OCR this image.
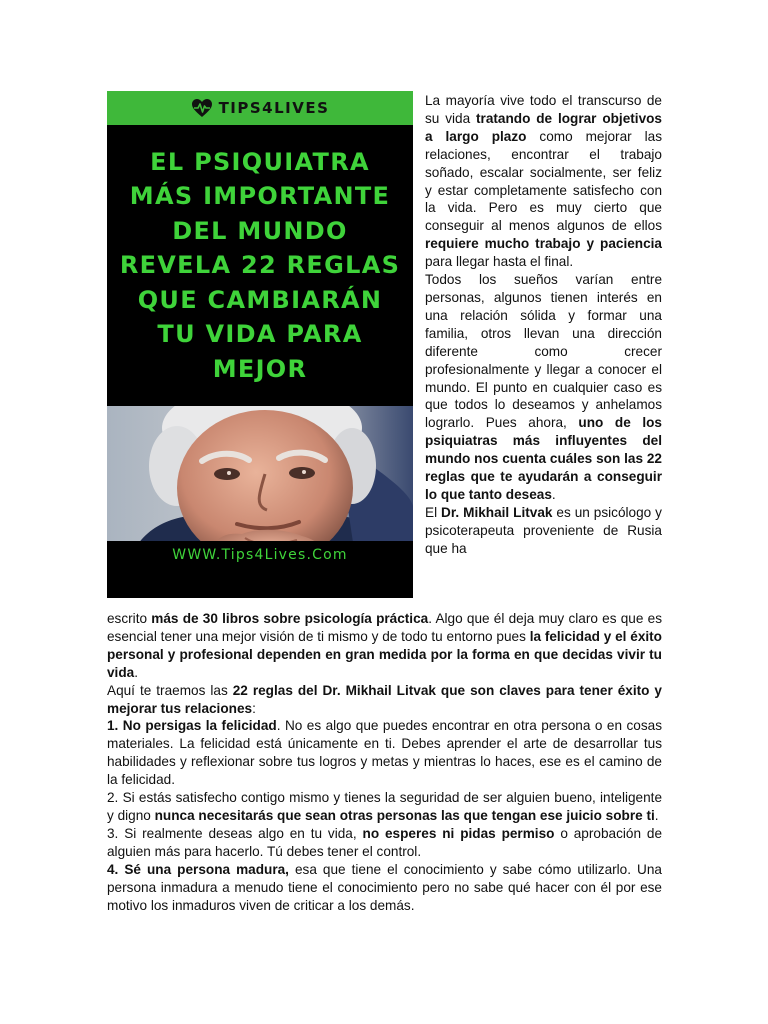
TIPS4LIVES
EL PSIQUIATRA
MÁS IMPORTANTE
DEL MUNDO
REVELA 22 REGLAS
QUE CAMBIARÁN
TU VIDA PARA
MEJOR
WWW.Tips4Lives.Com

La mayoría vive todo el transcurso de su vida tratando de lograr objetivos a largo plazo como mejorar las relaciones, encontrar el trabajo soñado, escalar socialmente, ser feliz y estar completamente satisfecho con la vida. Pero es muy cierto que conseguir al menos algunos de ellos requiere mucho trabajo y paciencia para llegar hasta el final.

Todos los sueños varían entre personas, algunos tienen interés en una relación sólida y formar una familia, otros llevan una dirección diferente como crecer profesionalmente y llegar a conocer el mundo. El punto en cualquier caso es que todos lo deseamos y anhelamos lograrlo. Pues ahora, uno de los psiquiatras más influyentes del mundo nos cuenta cuáles son las 22 reglas que te ayudarán a conseguir lo que tanto deseas.

El Dr. Mikhail Litvak es un psicólogo y psicoterapeuta proveniente de Rusia que ha

escrito más de 30 libros sobre psicología práctica. Algo que él deja muy claro es que es esencial tener una mejor visión de ti mismo y de todo tu entorno pues la felicidad y el éxito personal y profesional dependen en gran medida por la forma en que decidas vivir tu vida.

Aquí te traemos las 22 reglas del Dr. Mikhail Litvak que son claves para tener éxito y mejorar tus relaciones:

1. No persigas la felicidad. No es algo que puedes encontrar en otra persona o en cosas materiales. La felicidad está únicamente en ti. Debes aprender el arte de desarrollar tus habilidades y reflexionar sobre tus logros y metas y mientras lo haces, ese es el camino de la felicidad.

2. Si estás satisfecho contigo mismo y tienes la seguridad de ser alguien bueno, inteligente y digno nunca necesitarás que sean otras personas las que tengan ese juicio sobre ti.

3. Si realmente deseas algo en tu vida, no esperes ni pidas permiso o aprobación de alguien más para hacerlo. Tú debes tener el control.

4. Sé una persona madura, esa que tiene el conocimiento y sabe cómo utilizarlo. Una persona inmadura a menudo tiene el conocimiento pero no sabe qué hacer con él por ese motivo los inmaduros viven de criticar a los demás.
